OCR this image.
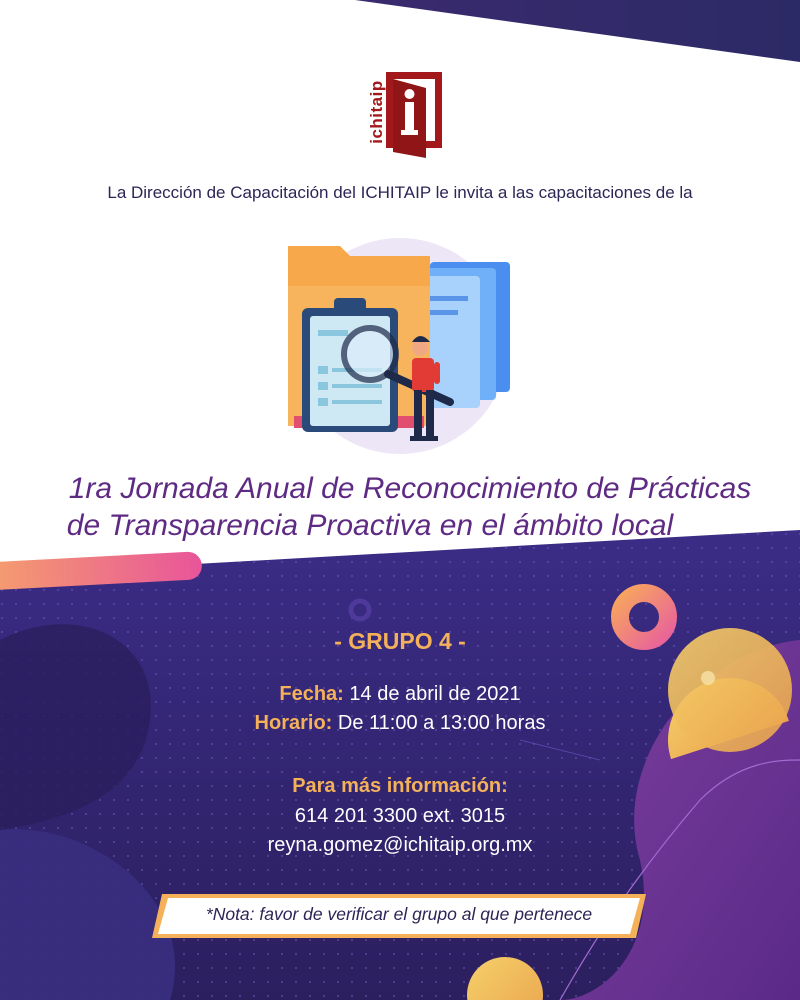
ichitaip
La Dirección de Capacitación del ICHITAIP le invita a las capacitaciones de la
1ra Jornada Anual de Reconocimiento de Prácticas
de Transparencia Proactiva en el ámbito local
- GRUPO 4 -
Fecha: 14 de abril de 2021
Horario: De 11:00 a 13:00 horas
Para más información:
614 201 3300 ext. 3015
reyna.gomez@ichitaip.org.mx
*Nota: favor de verificar el grupo al que pertenece
